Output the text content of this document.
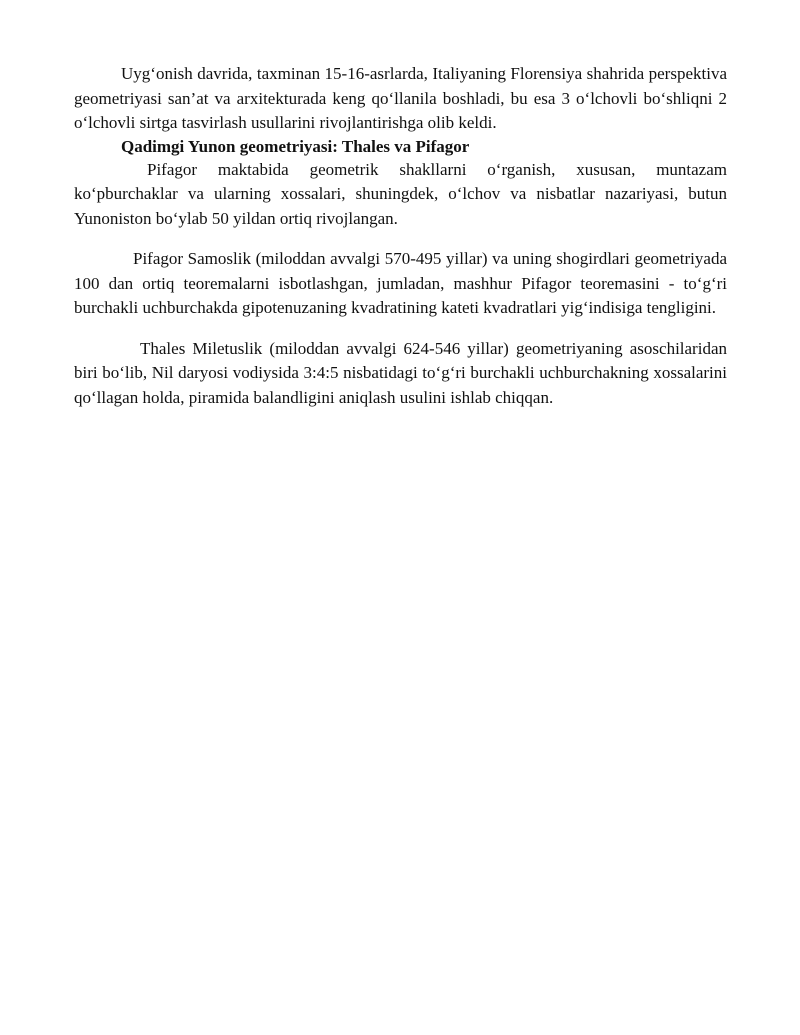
Uyg‘onish davrida, taxminan 15-16-asrlarda, Italiyaning Florensiya shahrida perspektiva geometriyasi san’at va arxitekturada keng qo‘llanila boshladi, bu esa 3 o‘lchovli bo‘shliqni 2 o‘lchovli sirtga tasvirlash usullarini rivojlantirishga olib keldi.

Qadimgi Yunon geometriyasi: Thales va Pifagor

Pifagor maktabida geometrik shakllarni o‘rganish, xususan, muntazam ko‘pburchaklar va ularning xossalari, shuningdek, o‘lchov va nisbatlar nazariyasi, butun Yunoniston bo‘ylab 50 yildan ortiq rivojlangan.

Pifagor Samoslik (miloddan avvalgi 570-495 yillar) va uning shogirdlari geometriyada 100 dan ortiq teoremalarni isbotlashgan, jumladan, mashhur Pifagor teoremasini - to‘g‘ri burchakli uchburchakda gipotenuzaning kvadratining kateti kvadratlari yig‘indisiga tengligini.

Thales Miletuslik (miloddan avvalgi 624-546 yillar) geometriyaning asoschilaridan biri bo‘lib, Nil daryosi vodiysida 3:4:5 nisbatidagi to‘g‘ri burchakli uchburchakning xossalarini qo‘llagan holda, piramida balandligini aniqlash usulini ishlab chiqqan.
